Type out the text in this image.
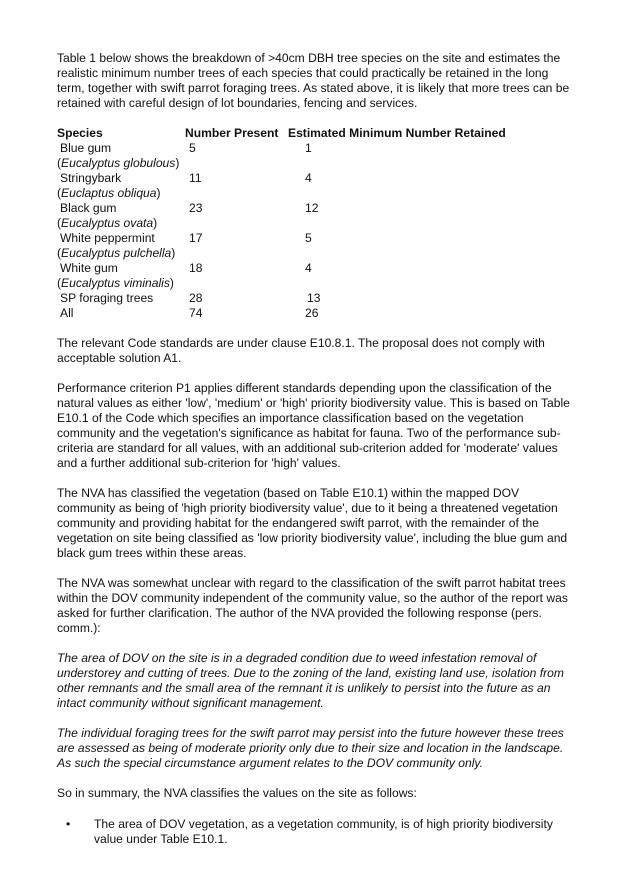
Table 1 below shows the breakdown of >40cm DBH tree species on the site and estimates the realistic minimum number trees of each species that could practically be retained in the long term, together with swift parrot foraging trees. As stated above, it is likely that more trees can be retained with careful design of lot boundaries, fencing and services.

Species	Number Present	Estimated Minimum Number Retained
Blue gum	5	1
(Eucalyptus globulous)		
Stringybark	11	4
(Euclaptus obliqua)		
Black gum	23	12
(Eucalyptus ovata)		
White peppermint	17	5
(Eucalyptus pulchella)		
White gum	18	4
(Eucalyptus viminalis)		
SP foraging trees	28	13
All	74	26

The relevant Code standards are under clause E10.8.1. The proposal does not comply with acceptable solution A1.

Performance criterion P1 applies different standards depending upon the classification of the natural values as either 'low', 'medium' or 'high' priority biodiversity value. This is based on Table E10.1 of the Code which specifies an importance classification based on the vegetation community and the vegetation's significance as habitat for fauna. Two of the performance sub-criteria are standard for all values, with an additional sub-criterion added for 'moderate' values and a further additional sub-criterion for 'high' values.

The NVA has classified the vegetation (based on Table E10.1) within the mapped DOV community as being of 'high priority biodiversity value', due to it being a threatened vegetation community and providing habitat for the endangered swift parrot, with the remainder of the vegetation on site being classified as 'low priority biodiversity value', including the blue gum and black gum trees within these areas.

The NVA was somewhat unclear with regard to the classification of the swift parrot habitat trees within the DOV community independent of the community value, so the author of the report was asked for further clarification. The author of the NVA provided the following response (pers. comm.):

The area of DOV on the site is in a degraded condition due to weed infestation removal of understorey and cutting of trees. Due to the zoning of the land, existing land use, isolation from other remnants and the small area of the remnant it is unlikely to persist into the future as an intact community without significant management.

The individual foraging trees for the swift parrot may persist into the future however these trees are assessed as being of moderate priority only due to their size and location in the landscape. As such the special circumstance argument relates to the DOV community only.

So in summary, the NVA classifies the values on the site as follows:

• The area of DOV vegetation, as a vegetation community, is of high priority biodiversity value under Table E10.1.
